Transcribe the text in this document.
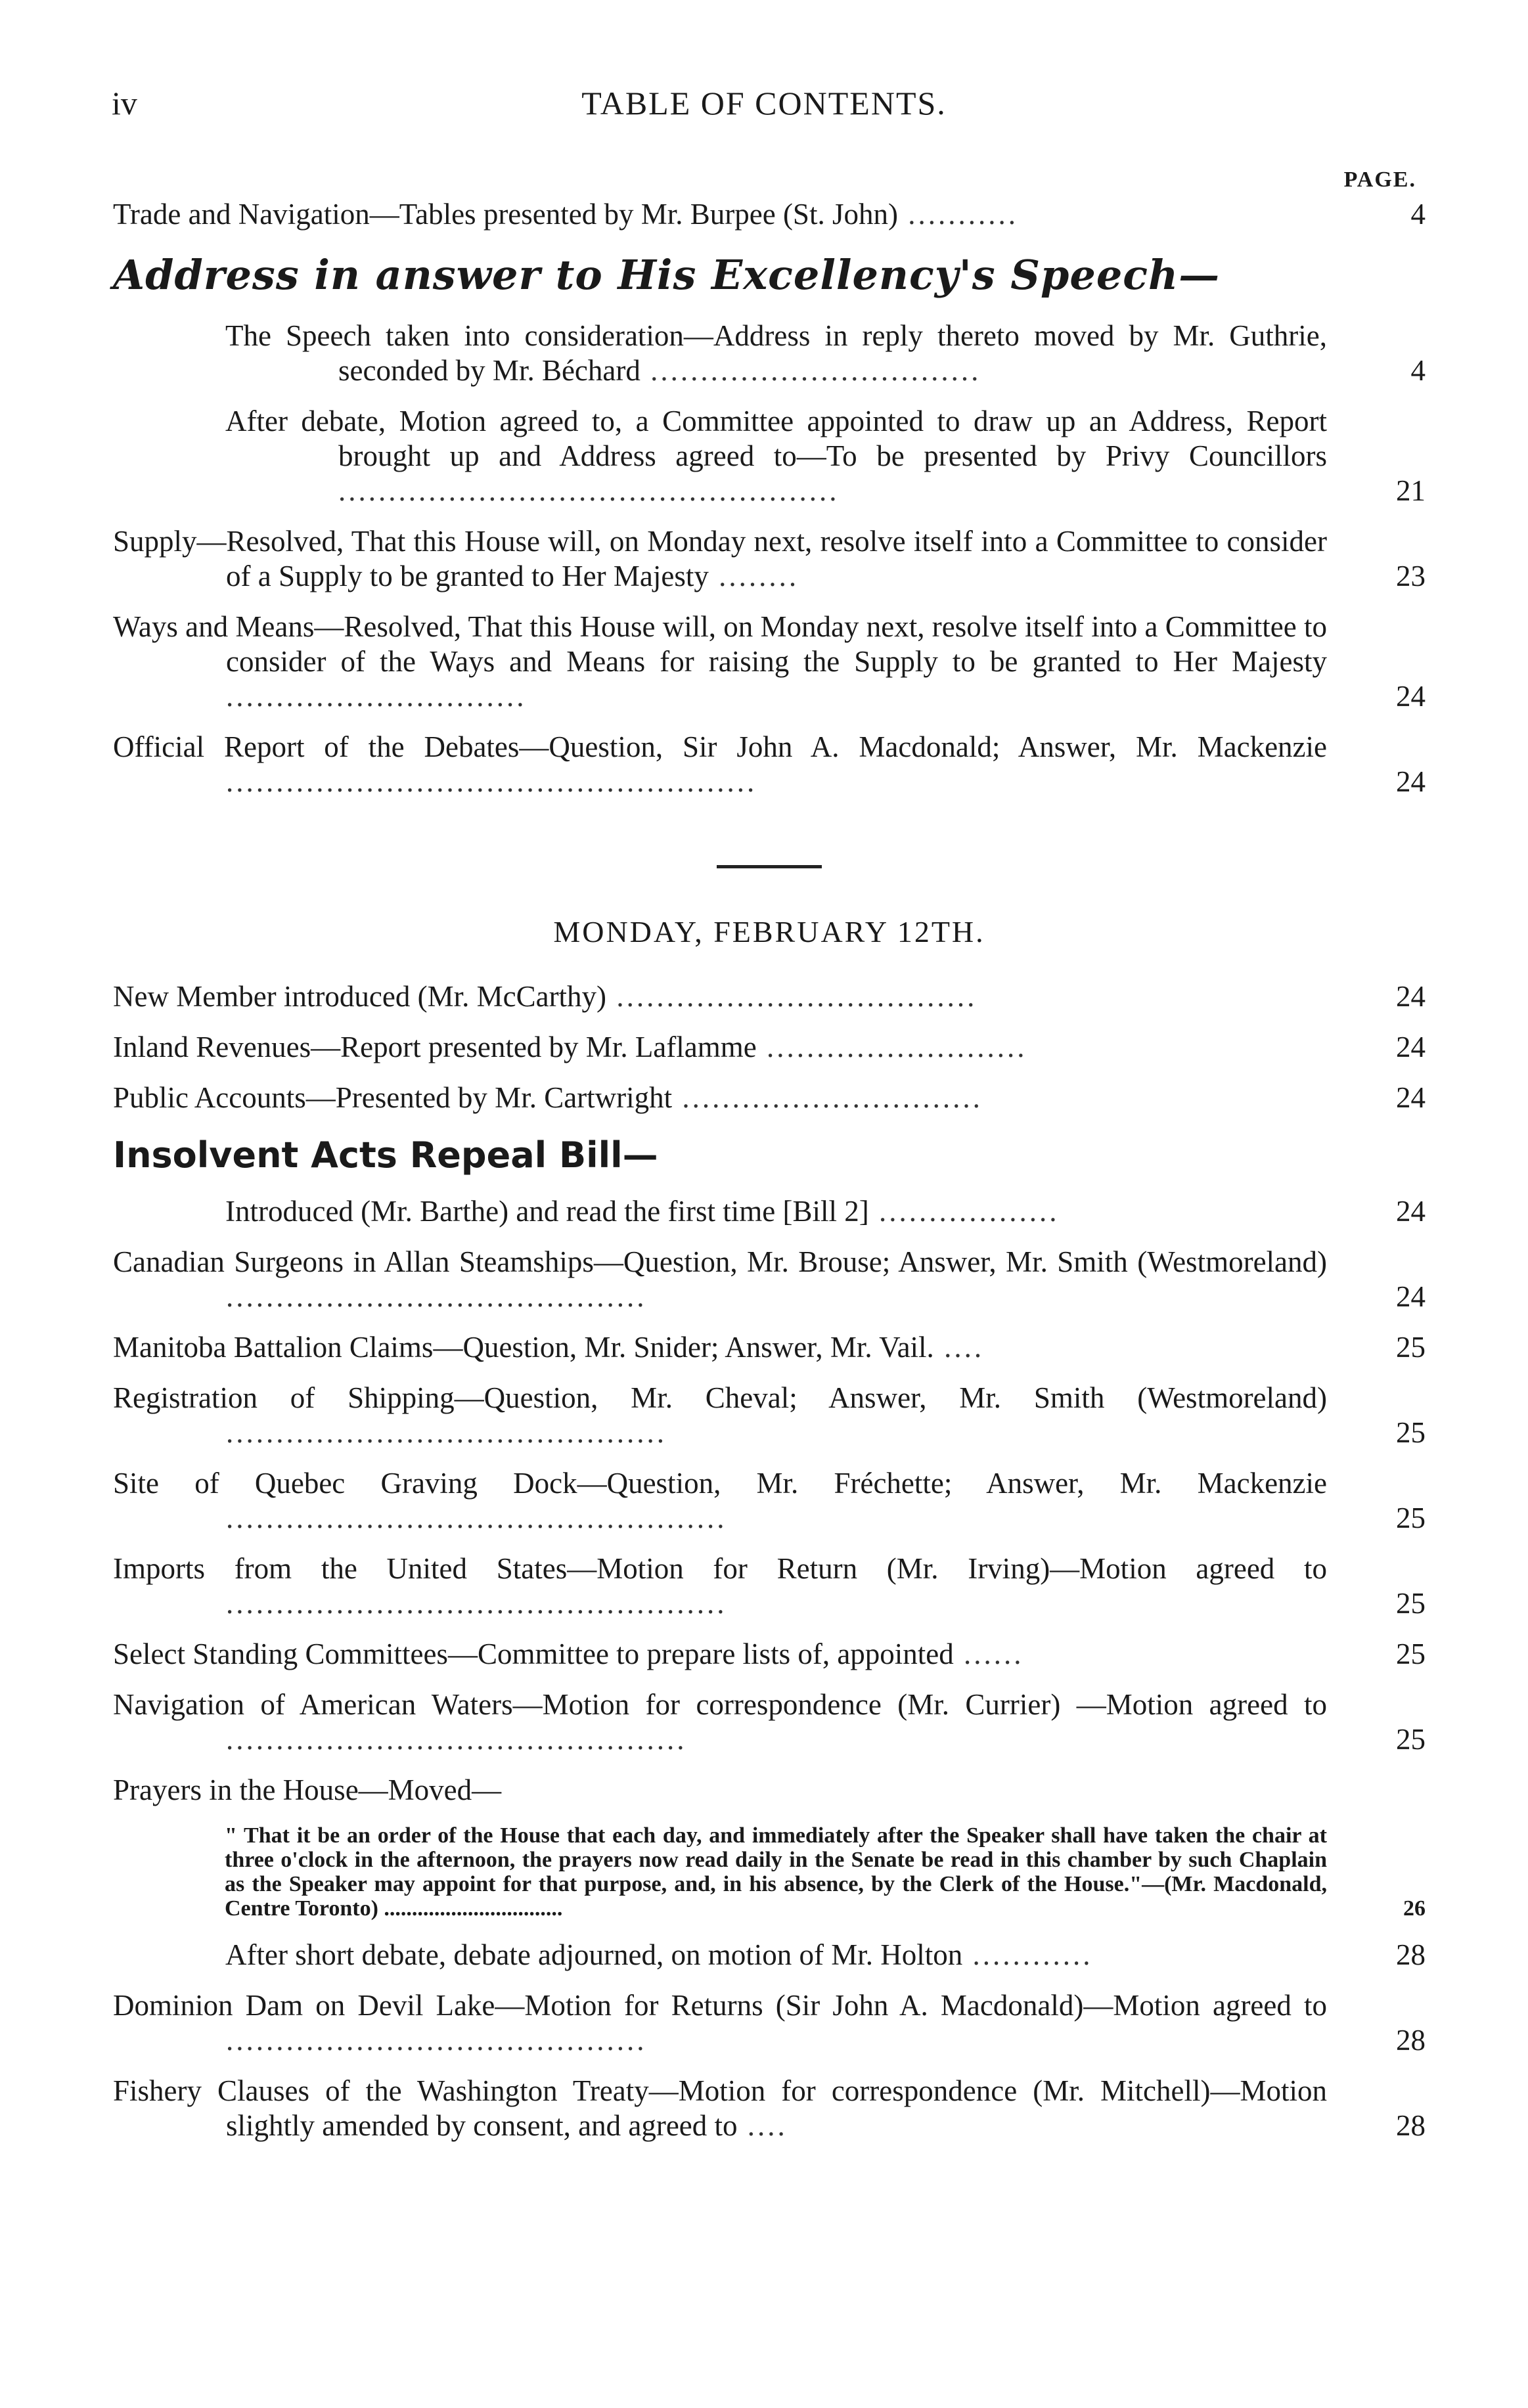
iv	TABLE OF CONTENTS.
PAGE.
Trade and Navigation—Tables presented by Mr. Burpee (St. John) ...........	4
Address in answer to His Excellency's Speech—
The Speech taken into consideration—Address in reply thereto moved by Mr. Guthrie, seconded by Mr. Béchard .................................	4
After debate, Motion agreed to, a Committee appointed to draw up an Address, Report brought up and Address agreed to—To be presented by Privy Councillors ..................................................	21
Supply—Resolved, That this House will, on Monday next, resolve itself into a Committee to consider of a Supply to be granted to Her Majesty ........	23
Ways and Means—Resolved, That this House will, on Monday next, resolve itself into a Committee to consider of the Ways and Means for raising the Supply to be granted to Her Majesty ..............................	24
Official Report of the Debates—Question, Sir John A. Macdonald; Answer, Mr. Mackenzie .....................................................	24
MONDAY, FEBRUARY 12TH.
New Member introduced (Mr. McCarthy) ....................................	24
Inland Revenues—Report presented by Mr. Laflamme ..........................	24
Public Accounts—Presented by Mr. Cartwright ..............................	24
Insolvent Acts Repeal Bill—
Introduced (Mr. Barthe) and read the first time [Bill 2] ..................	24
Canadian Surgeons in Allan Steamships—Question, Mr. Brouse; Answer, Mr. Smith (Westmoreland) ..........................................	24
Manitoba Battalion Claims—Question, Mr. Snider; Answer, Mr. Vail. ....	25
Registration of Shipping—Question, Mr. Cheval; Answer, Mr. Smith (Westmoreland) ............................................	25
Site of Quebec Graving Dock—Question, Mr. Fréchette; Answer, Mr. Mackenzie ..................................................	25
Imports from the United States—Motion for Return (Mr. Irving)—Motion agreed to ..................................................	25
Select Standing Committees—Committee to prepare lists of, appointed ......	25
Navigation of American Waters—Motion for correspondence (Mr. Currier) —Motion agreed to ..............................................	25
Prayers in the House—Moved—
" That it be an order of the House that each day, and immediately after the Speaker shall have taken the chair at three o'clock in the afternoon, the prayers now read daily in the Senate be read in this chamber by such Chaplain as the Speaker may appoint for that purpose, and, in his absence, by the Clerk of the House."—(Mr. Macdonald, Centre Toronto) ................................	26
After short debate, debate adjourned, on motion of Mr. Holton ............	28
Dominion Dam on Devil Lake—Motion for Returns (Sir John A. Macdonald)—Motion agreed to ..........................................	28
Fishery Clauses of the Washington Treaty—Motion for correspondence (Mr. Mitchell)—Motion slightly amended by consent, and agreed to ....	28
